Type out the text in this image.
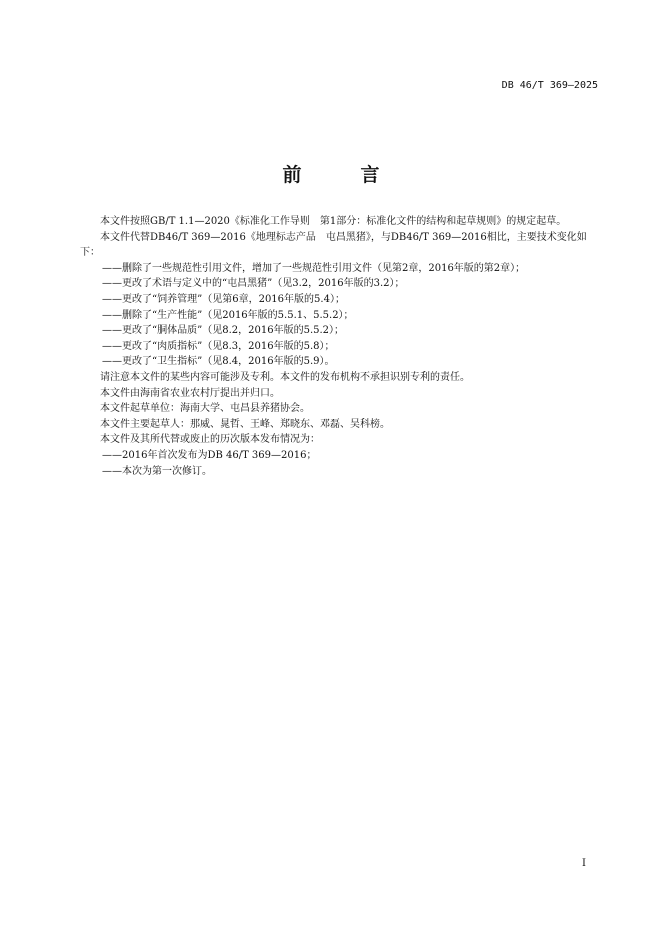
DB 46/T 369—2025
前　言

本文件按照GB/T 1.1—2020《标准化工作导则　第1部分：标准化文件的结构和起草规则》的规定起草。

本文件代替DB46/T 369—2016《地理标志产品　屯昌黑猪》，与DB46/T 369—2016相比，主要技术变化如下：

——删除了一些规范性引用文件，增加了一些规范性引用文件（见第2章，2016年版的第2章）；

——更改了术语与定义中的“屯昌黑猪”（见3.2，2016年版的3.2）；

——更改了“饲养管理”（见第6章，2016年版的5.4）；

——删除了“生产性能”（见2016年版的5.5.1、5.5.2）；

——更改了“胴体品质”（见8.2，2016年版的5.5.2）；

——更改了“肉质指标”（见8.3，2016年版的5.8）；

——更改了“卫生指标”（见8.4，2016年版的5.9）。

请注意本文件的某些内容可能涉及专利。本文件的发布机构不承担识别专利的责任。

本文件由海南省农业农村厅提出并归口。

本文件起草单位：海南大学、屯昌县养猪协会。

本文件主要起草人：那威、晁哲、王峰、郑晓东、邓磊、吴科榜。

本文件及其所代替或废止的历次版本发布情况为：

——2016年首次发布为DB 46/T 369—2016；

——本次为第一次修订。

I
